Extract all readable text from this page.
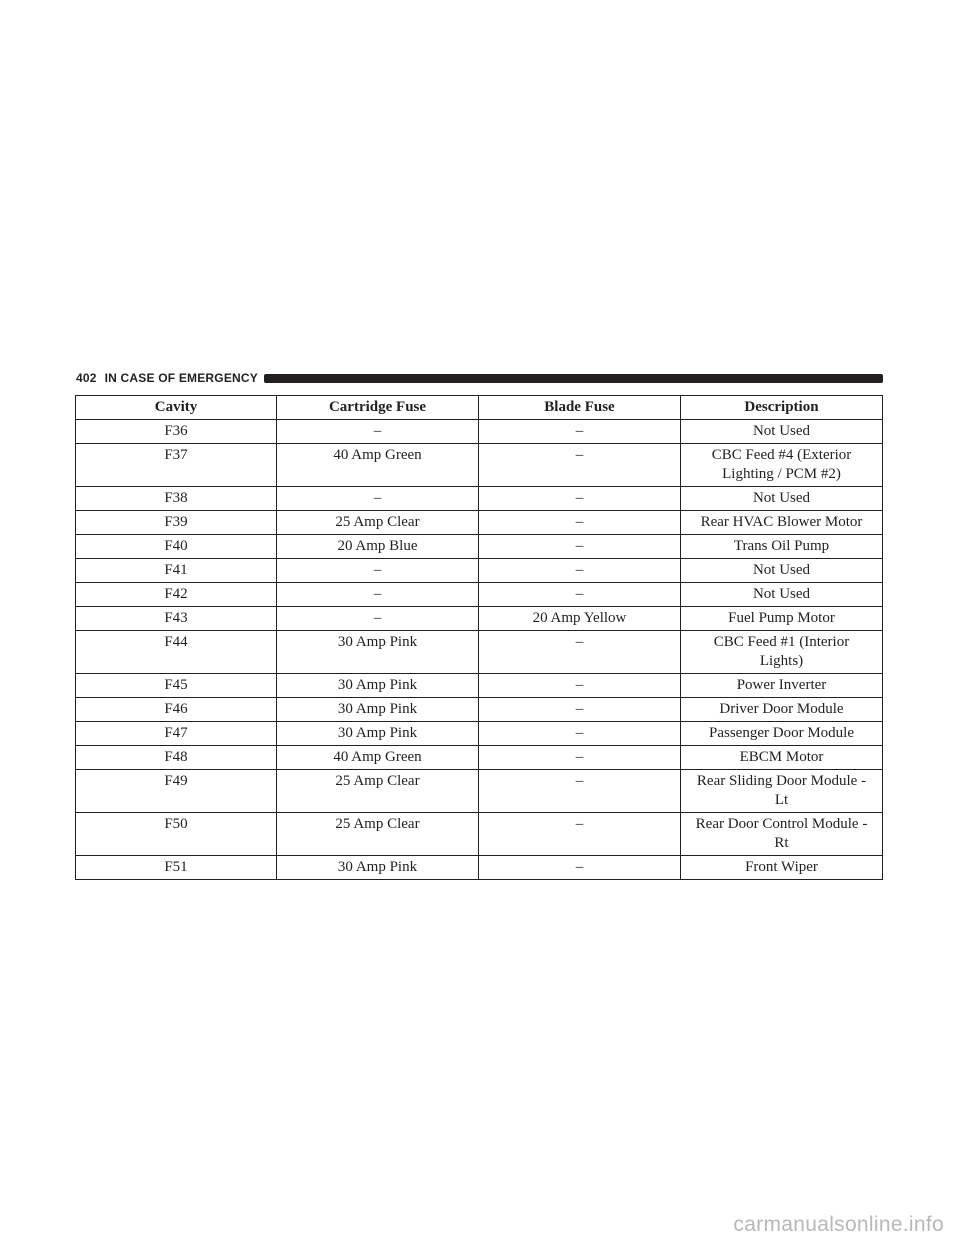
402 IN CASE OF EMERGENCY
Cavity	Cartridge Fuse	Blade Fuse	Description
F36	–	–	Not Used
F37	40 Amp Green	–	CBC Feed #4 (Exterior Lighting / PCM #2)
F38	–	–	Not Used
F39	25 Amp Clear	–	Rear HVAC Blower Motor
F40	20 Amp Blue	–	Trans Oil Pump
F41	–	–	Not Used
F42	–	–	Not Used
F43	–	20 Amp Yellow	Fuel Pump Motor
F44	30 Amp Pink	–	CBC Feed #1 (Interior Lights)
F45	30 Amp Pink	–	Power Inverter
F46	30 Amp Pink	–	Driver Door Module
F47	30 Amp Pink	–	Passenger Door Module
F48	40 Amp Green	–	EBCM Motor
F49	25 Amp Clear	–	Rear Sliding Door Module - Lt
F50	25 Amp Clear	–	Rear Door Control Module - Rt
F51	30 Amp Pink	–	Front Wiper
carmanualsonline.info
